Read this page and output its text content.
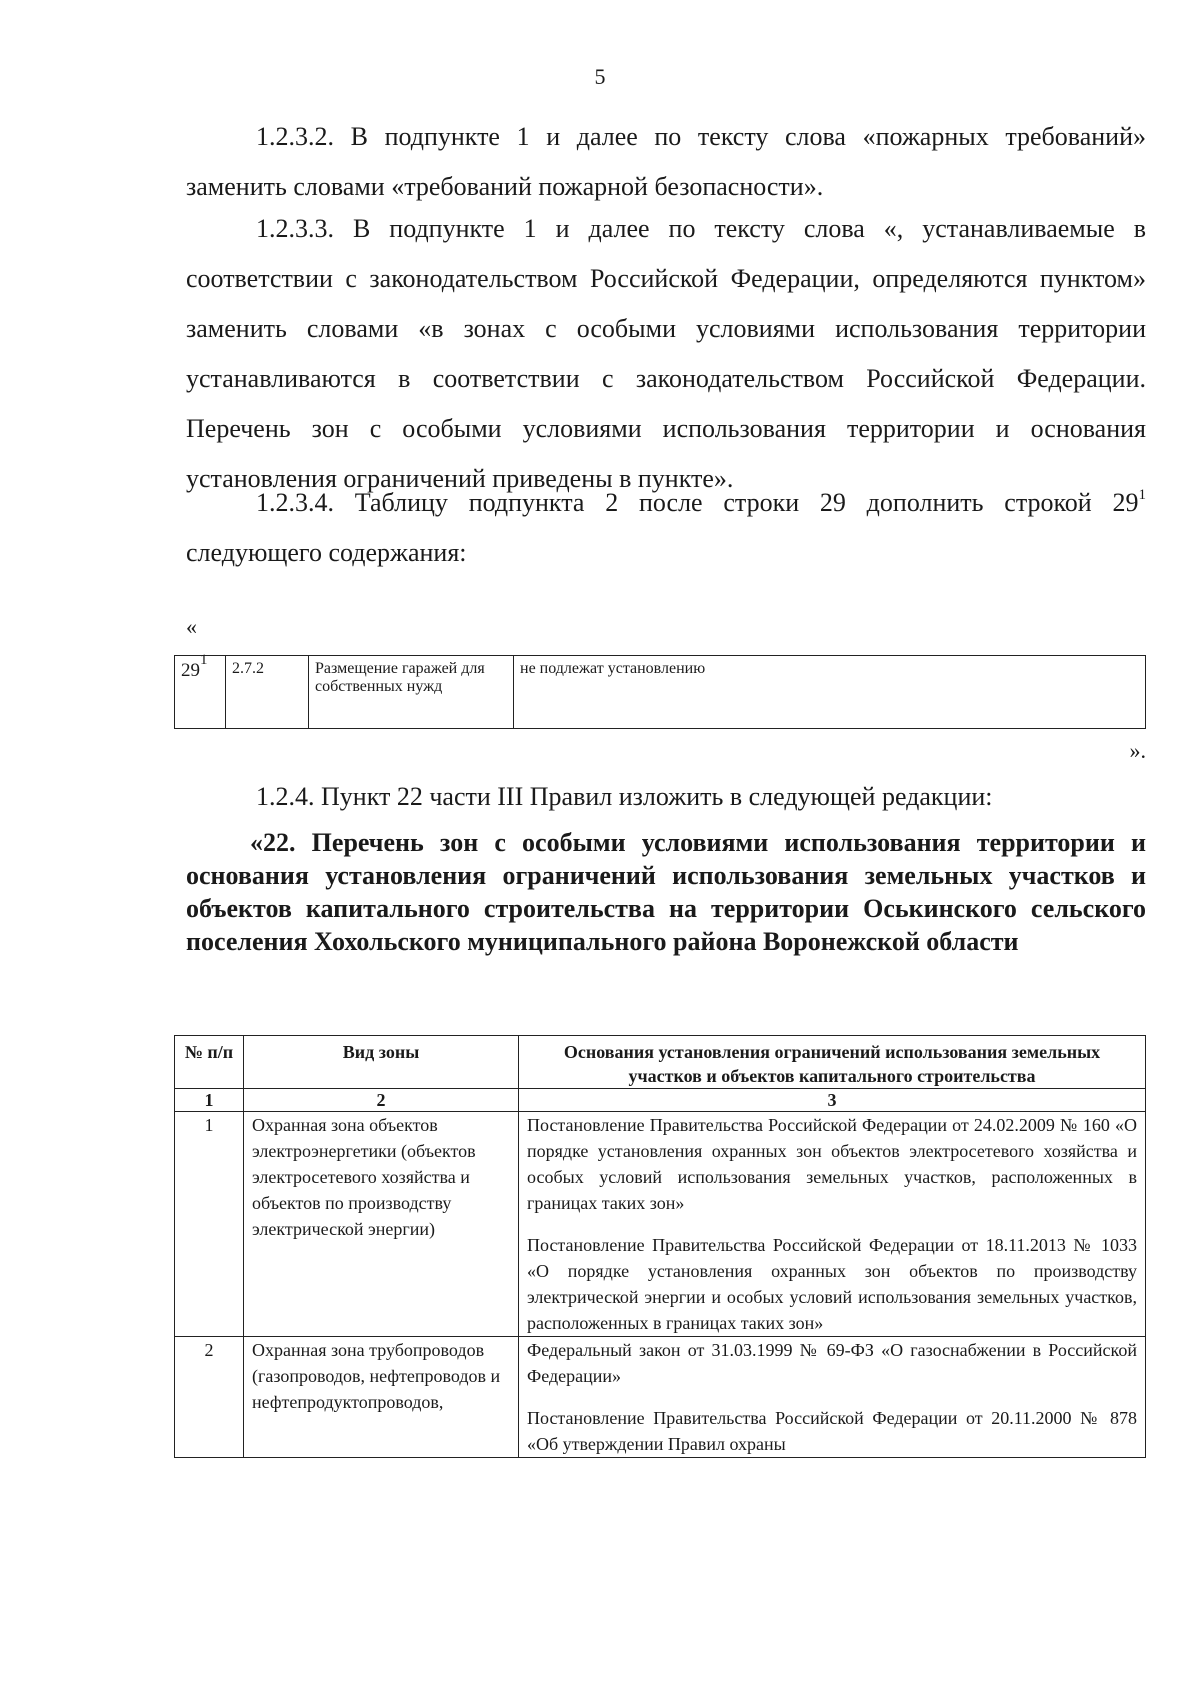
5

1.2.3.2. В подпункте 1 и далее по тексту слова «пожарных требований» заменить словами «требований пожарной безопасности».

1.2.3.3. В подпункте 1 и далее по тексту слова «, устанавливаемые в соответствии с законодательством Российской Федерации, определяются пунктом» заменить словами «в зонах с особыми условиями использования территории устанавливаются в соответствии с законодательством Российской Федерации. Перечень зон с особыми условиями использования территории и основания установления ограничений приведены в пункте».

1.2.3.4. Таблицу подпункта 2 после строки 29 дополнить строкой $29^1$ следующего содержания:

«
$29^1$	2.7.2	Размещение гаражей для собственных нужд	не подлежат установлению
».

1.2.4. Пункт 22 части III Правил изложить в следующей редакции:

«22. Перечень зон с особыми условиями использования территории и основания установления ограничений использования земельных участков и объектов капитального строительства на территории Оськинского сельского поселения Хохольского муниципального района Воронежской области

№ п/п	Вид зоны	Основания установления ограничений использования земельных участков и объектов капитального строительства
1	2	3
1	Охранная зона объектов электроэнергетики (объектов электросетевого хозяйства и объектов по производству электрической энергии)	Постановление Правительства Российской Федерации от 24.02.2009 № 160 «О порядке установления охранных зон объектов электросетевого хозяйства и особых условий использования земельных участков, расположенных в границах таких зон»

Постановление Правительства Российской Федерации от 18.11.2013 № 1033 «О порядке установления охранных зон объектов по производству электрической энергии и особых условий использования земельных участков, расположенных в границах таких зон»

2	Охранная зона трубопроводов (газопроводов, нефтепроводов и нефтепродуктопроводов,	Федеральный закон от 31.03.1999 № 69-ФЗ «О газоснабжении в Российской Федерации»

Постановление Правительства Российской Федерации от 20.11.2000 № 878 «Об утверждении Правил охраны
